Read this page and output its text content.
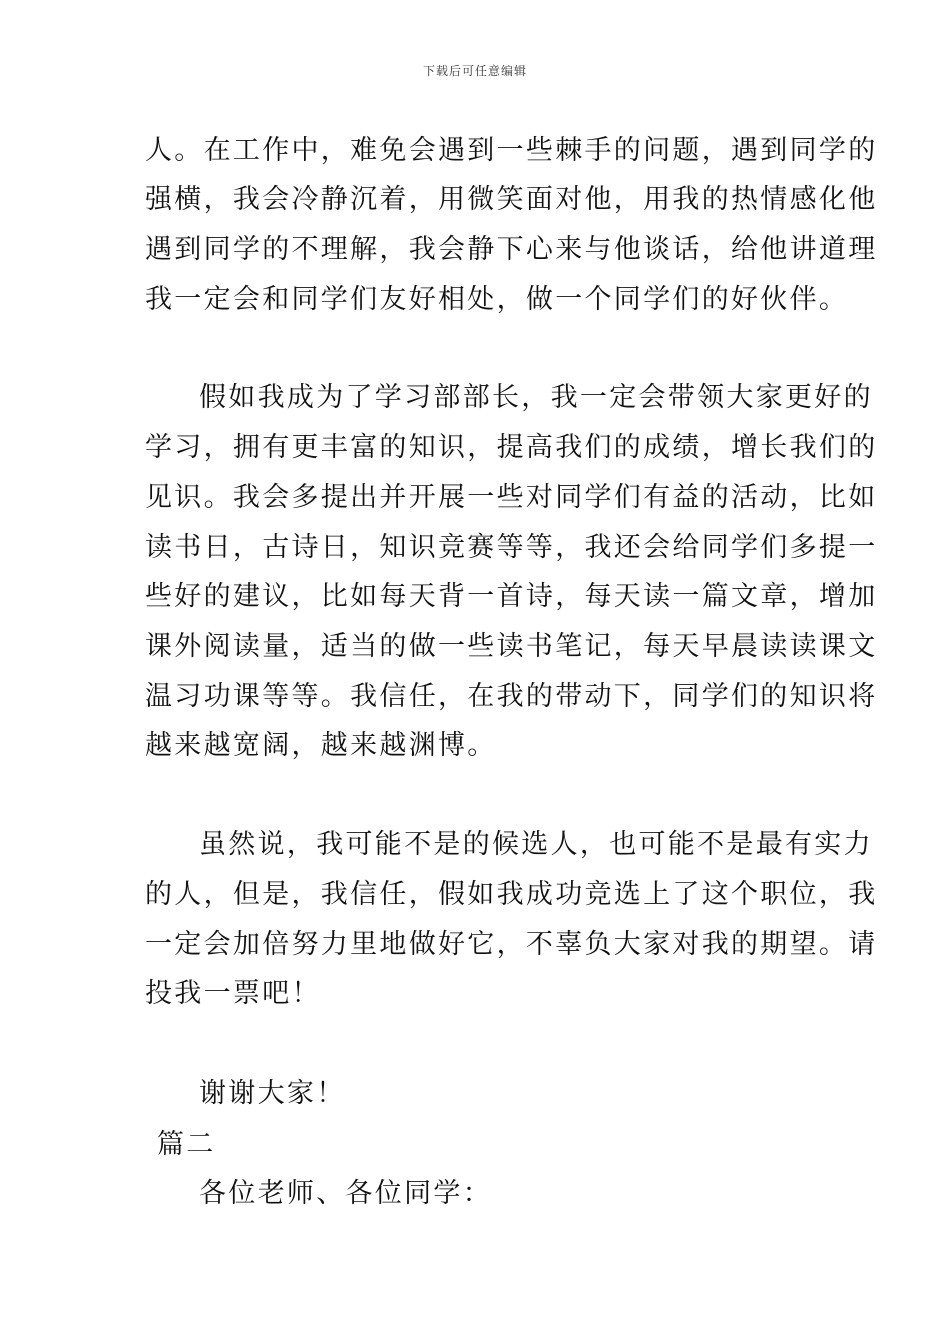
下载后可任意编辑
人。在工作中，难免会遇到一些棘手的问题，遇到同学的
强横，我会冷静沉着，用微笑面对他，用我的热情感化他
遇到同学的不理解，我会静下心来与他谈话，给他讲道理
我一定会和同学们友好相处，做一个同学们的好伙伴。
假如我成为了学习部部长，我一定会带领大家更好的
学习，拥有更丰富的知识，提高我们的成绩，增长我们的
见识。我会多提出并开展一些对同学们有益的活动，比如
读书日，古诗日，知识竞赛等等，我还会给同学们多提一
些好的建议，比如每天背一首诗，每天读一篇文章，增加
课外阅读量，适当的做一些读书笔记，每天早晨读读课文
温习功课等等。我信任，在我的带动下，同学们的知识将
越来越宽阔，越来越渊博。
虽然说，我可能不是的候选人，也可能不是最有实力
的人，但是，我信任，假如我成功竞选上了这个职位，我
一定会加倍努力里地做好它，不辜负大家对我的期望。请
投我一票吧！
谢谢大家！
篇二
各位老师、各位同学：
